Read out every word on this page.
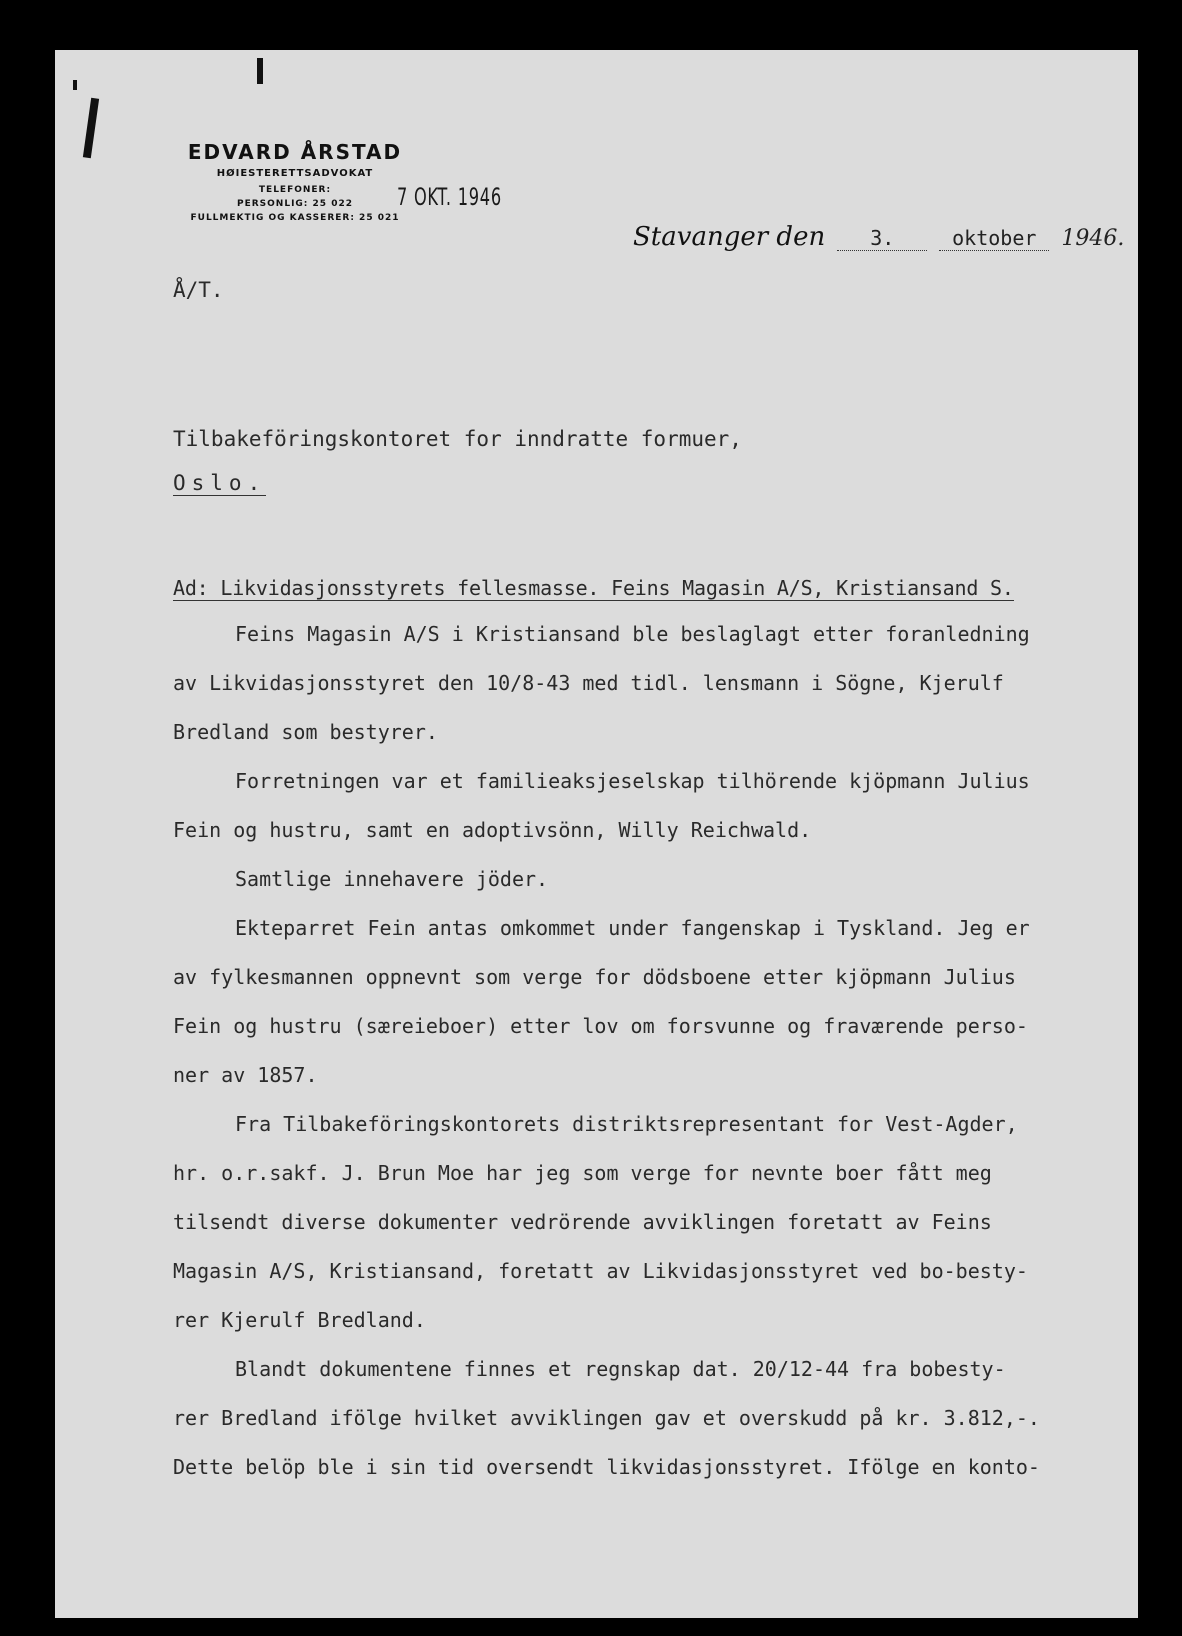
EDVARD ÅRSTAD
HØIESTERETTSADVOKAT
TELEFONER:
PERSONLIG: 25 022
FULLMEKTIG OG KASSERER: 25 021
7 OKT. 1946
Stavanger den 3.	oktober 1946.
Å/T.
Tilbakeföringskontoret for inndratte formuer,
Oslo.
Ad: Likvidasjonsstyrets fellesmasse. Feins Magasin A/S, Kristiansand S.
Feins Magasin A/S i Kristiansand ble beslaglagt etter foranledning
av Likvidasjonsstyret den 10/8-43 med tidl. lensmann i Sögne, Kjerulf
Bredland som bestyrer.
Forretningen var et familieaksjeselskap tilhörende kjöpmann Julius
Fein og hustru, samt en adoptivsönn, Willy Reichwald.
Samtlige innehavere jöder.
Ekteparret Fein antas omkommet under fangenskap i Tyskland. Jeg er
av fylkesmannen oppnevnt som verge for dödsboene etter kjöpmann Julius
Fein og hustru (særeieboer) etter lov om forsvunne og fraværende perso-
ner av 1857.
Fra Tilbakeföringskontorets distriktsrepresentant for Vest-Agder,
hr. o.r.sakf. J. Brun Moe har jeg som verge for nevnte boer fått meg
tilsendt diverse dokumenter vedrörende avviklingen foretatt av Feins
Magasin A/S, Kristiansand, foretatt av Likvidasjonsstyret ved bo-besty-
rer Kjerulf Bredland.
Blandt dokumentene finnes et regnskap dat. 20/12-44 fra bobesty-
rer Bredland ifölge hvilket avviklingen gav et overskudd på kr. 3.812,-.
Dette belöp ble i sin tid oversendt likvidasjonsstyret. Ifölge en konto-
